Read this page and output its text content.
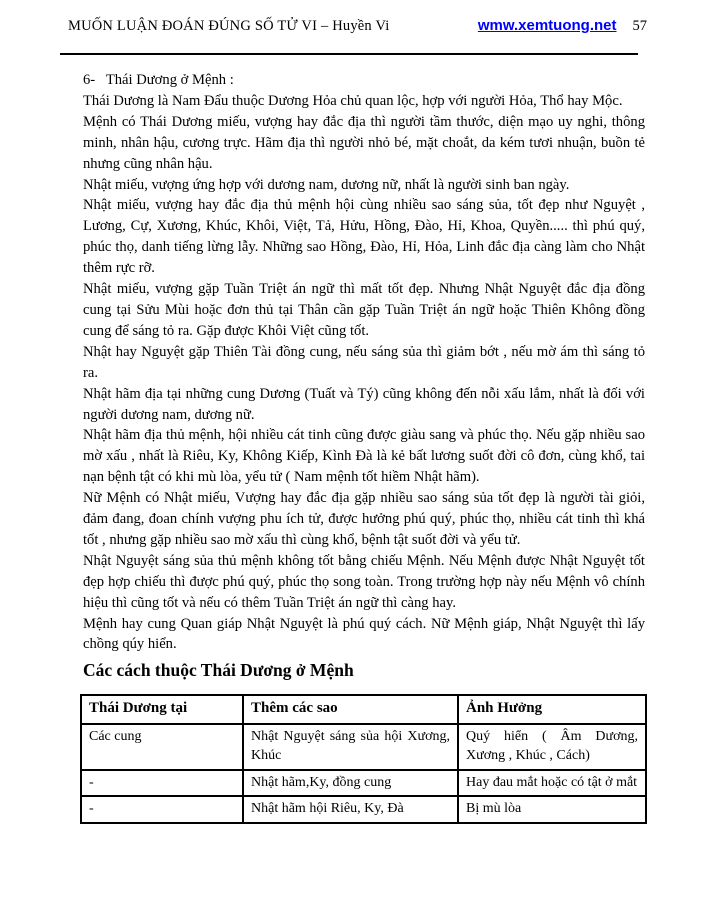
MUỐN LUẬN ĐOÁN ĐÚNG SỐ TỬ VI – Huyền Vi	wmw.xemtuong.net 57

6-   Thái Dương ở Mệnh :

Thái Dương là Nam Đẩu thuộc Dương Hỏa chủ quan lộc, hợp với người Hỏa, Thổ hay Mộc.

Mệnh có Thái Dương miếu, vượng hay đắc địa thì người tầm thước, diện mạo uy nghi, thông minh, nhân hậu, cương trực. Hãm địa thì người nhỏ bé, mặt choắt, da kém tươi nhuận, buồn tẻ nhưng cũng nhân hậu.

Nhật miếu, vượng ứng hợp với dương nam, dương nữ, nhất là người sinh ban ngày.

Nhật miếu, vượng hay đắc địa thủ mệnh hội cùng nhiều sao sáng sủa, tốt đẹp như Nguyệt , Lương, Cự, Xương, Khúc, Khôi, Việt, Tả, Hửu, Hồng, Đào, Hỉ, Khoa, Quyền..... thì phú quý, phúc thọ, danh tiếng lừng lẫy. Những sao Hồng, Đào, Hỉ, Hỏa, Linh đắc địa càng làm cho Nhật thêm rực rỡ.

Nhật miếu, vượng gặp Tuần Triệt án ngữ thì mất tốt đẹp. Nhưng Nhật Nguyệt đắc địa đồng cung tại Sửu Mùi hoặc đơn thủ tại Thân cần gặp Tuần Triệt án ngữ hoặc Thiên Không đồng cung để sáng tỏ ra. Gặp được Khôi Việt cũng tốt.

Nhật hay Nguyệt gặp Thiên Tài đồng cung, nếu sáng sủa thì giảm bớt , nếu mờ ám thì sáng tỏ ra.

Nhật hãm địa tại những cung Dương (Tuất và Tý) cũng không đến nỗi xấu lắm, nhất là đối với người dương nam, dương nữ.

Nhật hãm địa thủ mệnh, hội nhiều cát tinh cũng được giàu sang và phúc thọ. Nếu gặp nhiều sao mờ xấu , nhất là Riêu, Ky, Không Kiếp, Kình Đà là kẻ bất lương suốt đời cô đơn, cùng khổ, tai nạn bệnh tật có khi mù lòa, yểu tử ( Nam mệnh tốt hiềm Nhật hãm).

Nữ Mệnh có Nhật miếu, Vượng hay đắc địa gặp nhiều sao sáng sủa tốt đẹp là người tài giỏi, đảm đang, đoan chính vượng phu ích tử, được hưởng phú quý, phúc thọ, nhiều cát tinh thì khá tốt , nhưng gặp nhiều sao mờ xấu thì cùng khổ, bệnh tật suốt đời và yểu tử.

Nhật Nguyệt sáng sủa thủ mệnh không tốt bằng chiếu Mệnh. Nếu Mệnh được Nhật Nguyệt tốt đẹp hợp chiếu thì được phú quý, phúc thọ song toàn. Trong trường hợp này nếu Mệnh vô chính hiệu thì cũng tốt và nếu có thêm Tuần Triệt án ngữ thì càng hay.

Mệnh hay cung Quan giáp Nhật Nguyệt là phú quý cách. Nữ Mệnh giáp, Nhật Nguyệt thì lấy chồng qúy hiển.

Các cách thuộc Thái Dương ở Mệnh
Thái Dương tại	Thêm các sao	Ảnh Hưởng
Các cung	Nhật Nguyệt sáng sủa hội Xương, Khúc	Quý hiển ( Âm Dương, Xương , Khúc , Cách)
-	Nhật hãm,Ky, đồng cung	Hay đau mắt hoặc có tật ở mắt
-	Nhật hãm hội Riêu, Ky, Đà	Bị mù lòa
